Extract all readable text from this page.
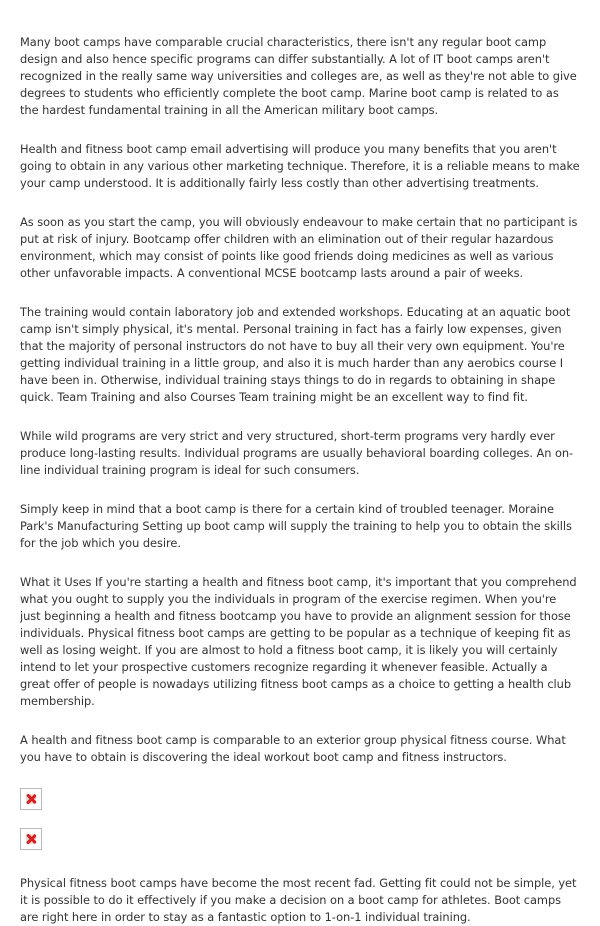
Many boot camps have comparable crucial characteristics, there isn't any regular boot camp design and also hence specific programs can differ substantially. A lot of IT boot camps aren't recognized in the really same way universities and colleges are, as well as they're not able to give degrees to students who efficiently complete the boot camp. Marine boot camp is related to as the hardest fundamental training in all the American military boot camps.

Health and fitness boot camp email advertising will produce you many benefits that you aren't going to obtain in any various other marketing technique. Therefore, it is a reliable means to make your camp understood. It is additionally fairly less costly than other advertising treatments.

As soon as you start the camp, you will obviously endeavour to make certain that no participant is put at risk of injury. Bootcamp offer children with an elimination out of their regular hazardous environment, which may consist of points like good friends doing medicines as well as various other unfavorable impacts. A conventional MCSE bootcamp lasts around a pair of weeks.

The training would contain laboratory job and extended workshops. Educating at an aquatic boot camp isn't simply physical, it's mental. Personal training in fact has a fairly low expenses, given that the majority of personal instructors do not have to buy all their very own equipment. You're getting individual training in a little group, and also it is much harder than any aerobics course I have been in. Otherwise, individual training stays things to do in regards to obtaining in shape quick. Team Training and also Courses Team training might be an excellent way to find fit.

While wild programs are very strict and very structured, short-term programs very hardly ever produce long-lasting results. Individual programs are usually behavioral boarding colleges. An on-line individual training program is ideal for such consumers.

Simply keep in mind that a boot camp is there for a certain kind of troubled teenager. Moraine Park's Manufacturing Setting up boot camp will supply the training to help you to obtain the skills for the job which you desire.

What it Uses If you're starting a health and fitness boot camp, it's important that you comprehend what you ought to supply you the individuals in program of the exercise regimen. When you're just beginning a health and fitness bootcamp you have to provide an alignment session for those individuals. Physical fitness boot camps are getting to be popular as a technique of keeping fit as well as losing weight. If you are almost to hold a fitness boot camp, it is likely you will certainly intend to let your prospective customers recognize regarding it whenever feasible. Actually a great offer of people is nowadays utilizing fitness boot camps as a choice to getting a health club membership.

A health and fitness boot camp is comparable to an exterior group physical fitness course. What you have to obtain is discovering the ideal workout boot camp and fitness instructors.

Physical fitness boot camps have become the most recent fad. Getting fit could not be simple, yet it is possible to do it effectively if you make a decision on a boot camp for athletes. Boot camps are right here in order to stay as a fantastic option to 1-on-1 individual training.
